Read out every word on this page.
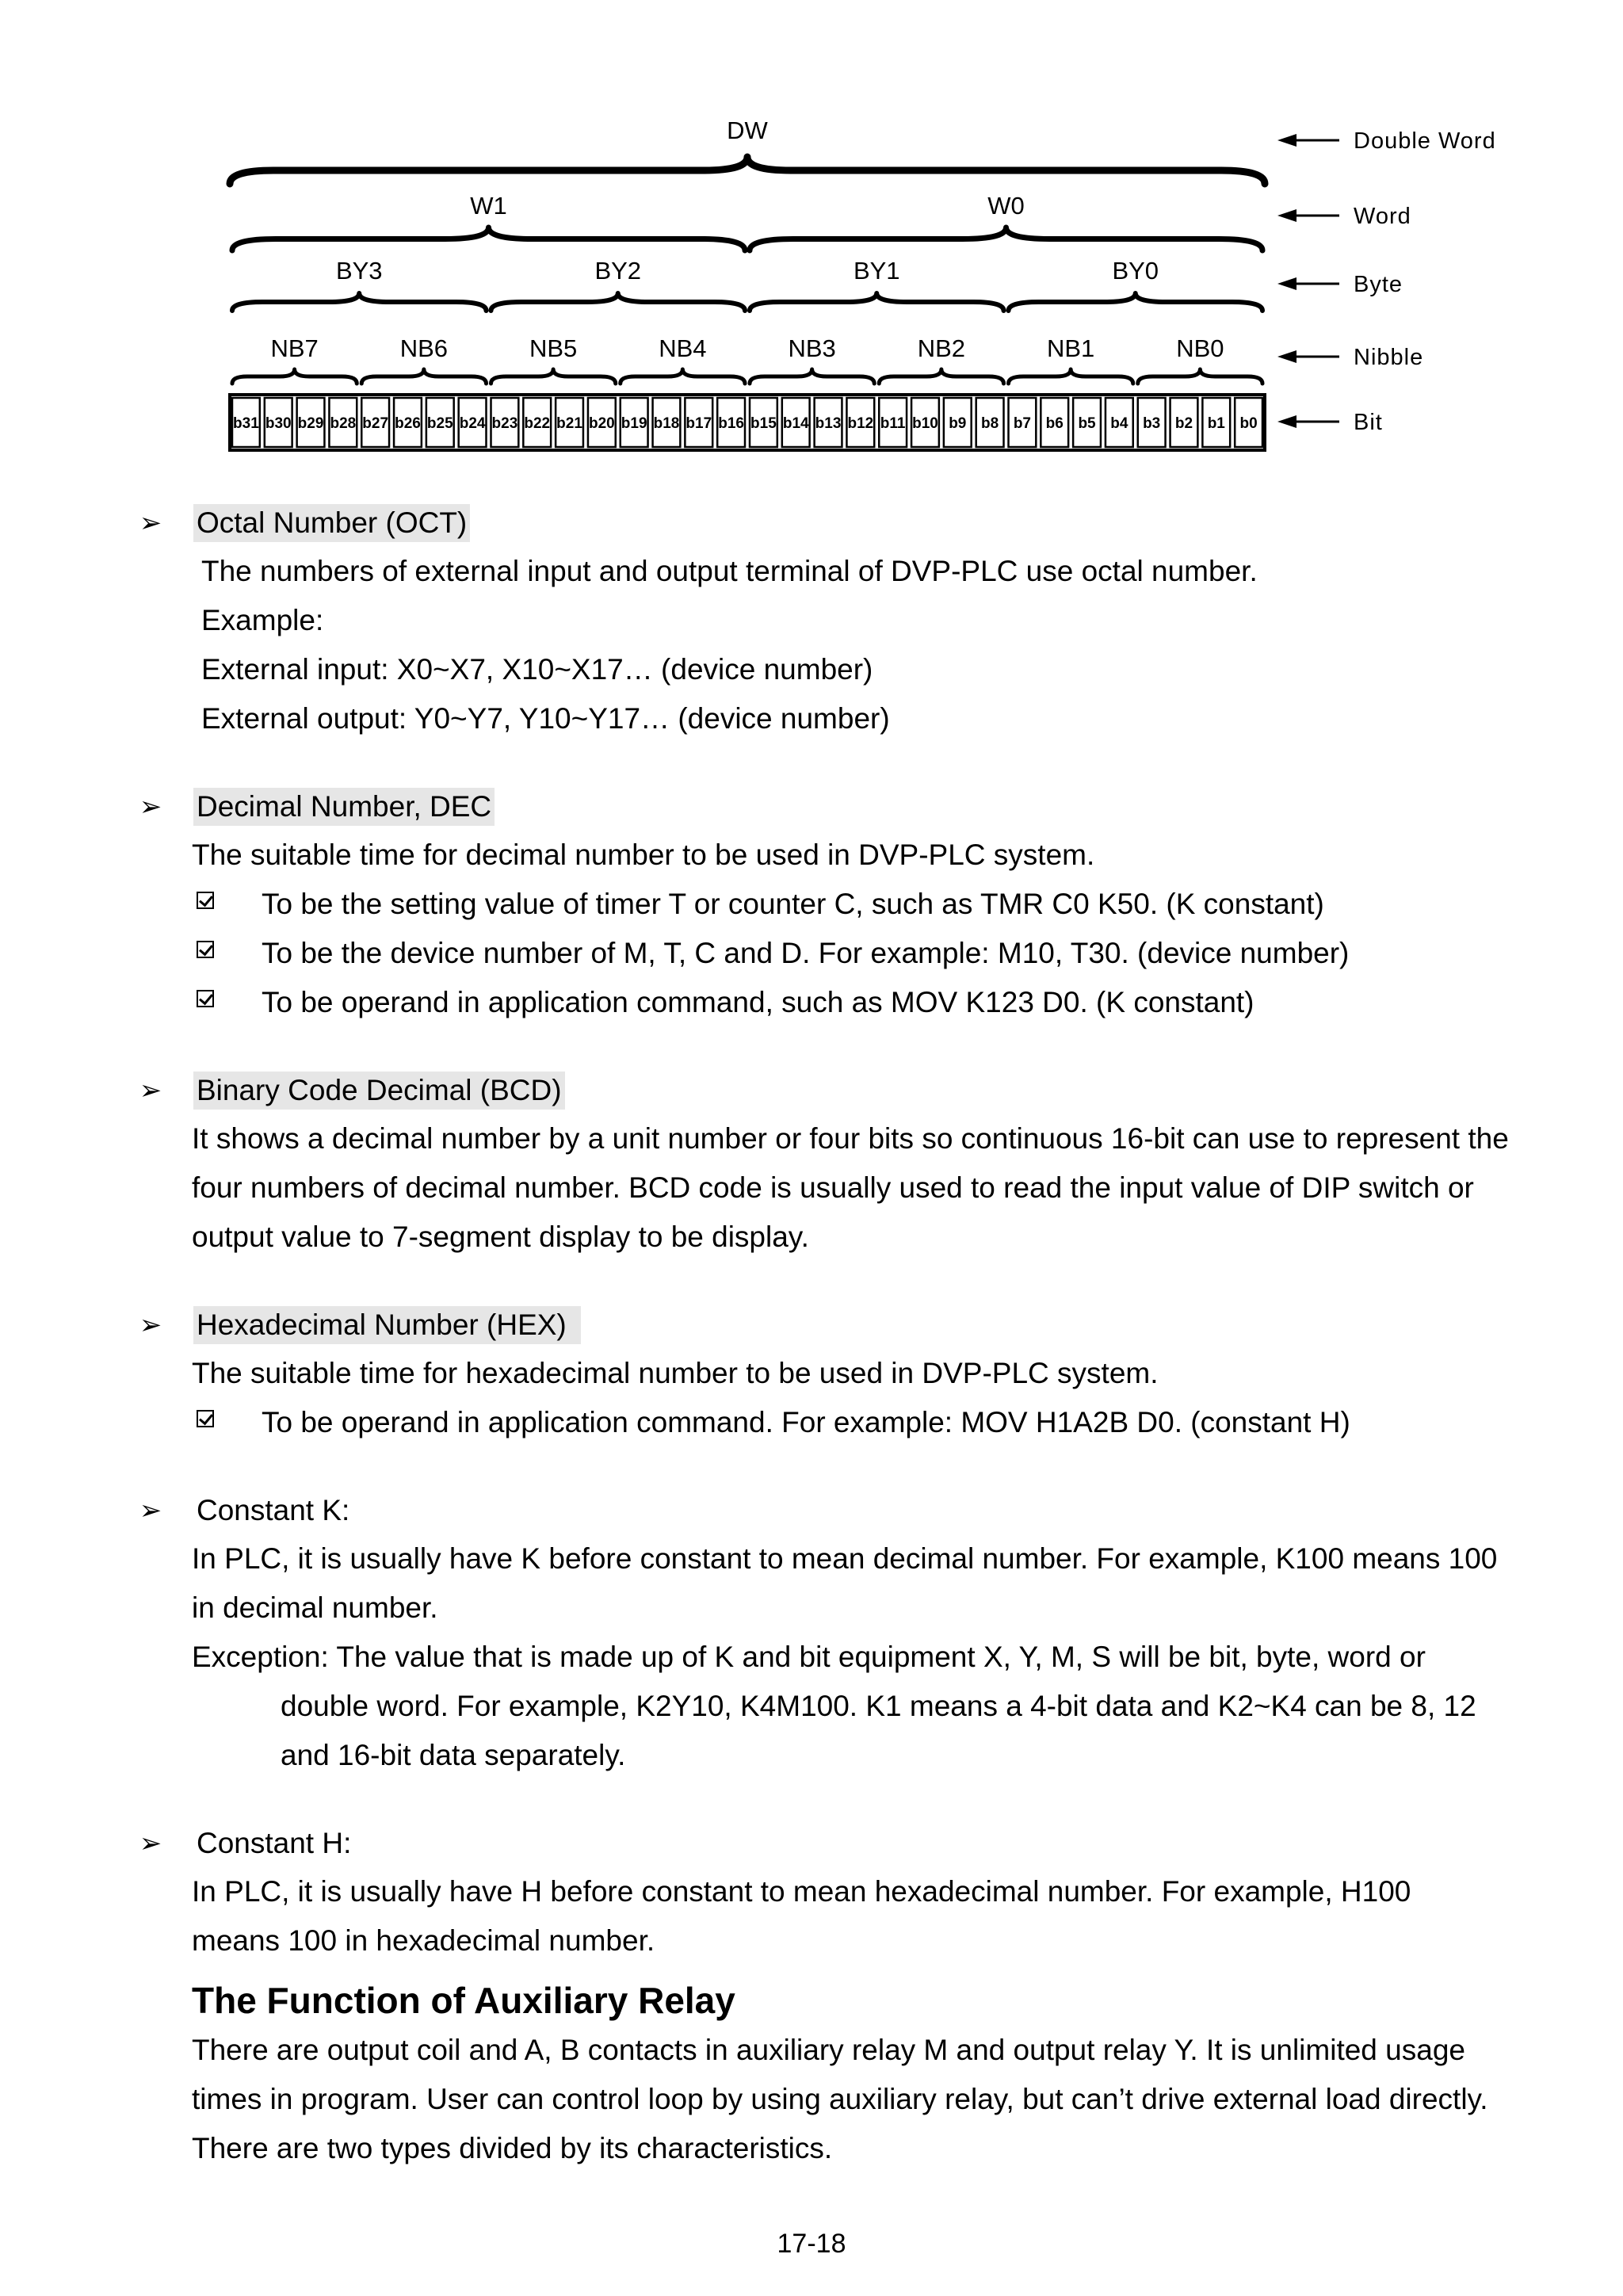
DW
W1	W0
BY3	BY2	BY1	BY0
NB7	NB6	NB5	NB4	NB3	NB2	NB1	NB0
b31 b30 b29 b28 b27 b26 b25 b24 b23 b22 b21 b20 b19 b18 b17 b16 b15 b14 b13 b12 b11 b10 b9 b8 b7 b6 b5 b4 b3 b2 b1 b0
Double Word
Word
Byte
Nibble
Bit
➢ Octal Number (OCT)
The numbers of external input and output terminal of DVP-PLC use octal number.
Example:
External input: X0~X7, X10~X17… (device number)
External output: Y0~Y7, Y10~Y17… (device number)
➢ Decimal Number, DEC
The suitable time for decimal number to be used in DVP-PLC system.
To be the setting value of timer T or counter C, such as TMR C0 K50. (K constant)
To be the device number of M, T, C and D. For example: M10, T30. (device number)
To be operand in application command, such as MOV K123 D0. (K constant)
➢ Binary Code Decimal (BCD)
It shows a decimal number by a unit number or four bits so continuous 16-bit can use to represent the
four numbers of decimal number. BCD code is usually used to read the input value of DIP switch or
output value to 7-segment display to be display.
➢ Hexadecimal Number (HEX)
The suitable time for hexadecimal number to be used in DVP-PLC system.
To be operand in application command. For example: MOV H1A2B D0. (constant H)
➢ Constant K:
In PLC, it is usually have K before constant to mean decimal number. For example, K100 means 100
in decimal number.
Exception: The value that is made up of K and bit equipment X, Y, M, S will be bit, byte, word or
double word. For example, K2Y10, K4M100. K1 means a 4-bit data and K2~K4 can be 8, 12
and 16-bit data separately.
➢ Constant H:
In PLC, it is usually have H before constant to mean hexadecimal number. For example, H100
means 100 in hexadecimal number.
The Function of Auxiliary Relay
There are output coil and A, B contacts in auxiliary relay M and output relay Y. It is unlimited usage
times in program. User can control loop by using auxiliary relay, but can’t drive external load directly.
There are two types divided by its characteristics.
17-18
